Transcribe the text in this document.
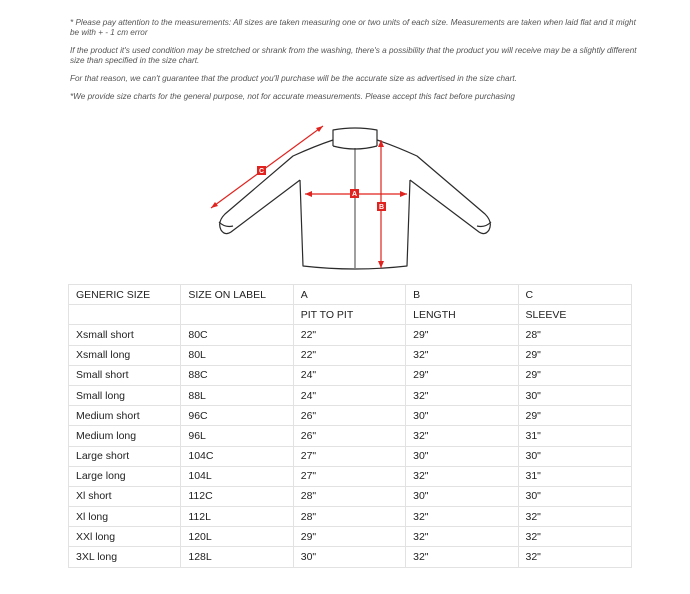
* Please pay attention to the measurements: All sizes are taken measuring one or two units of each size. Measurements are taken when laid flat and it might be with + - 1 cm error

If the product it's used condition may be stretched or shrank from the washing, there's a possibility that the product you will receive may be a slightly different size than specified in the size chart.

For that reason, we can't guarantee that the product you'll purchase will be the accurate size as advertised in the size chart.

*We provide size charts for the general purpose, not for accurate measurements. Please accept this fact before purchasing

C
A
B
GENERIC SIZE	SIZE ON LABEL	A	B	C
		PIT TO PIT	LENGTH	SLEEVE
Xsmall short	80C	22"	29"	28"
Xsmall long	80L	22"	32"	29"
Small short	88C	24"	29"	29"
Small long	88L	24"	32"	30"
Medium short	96C	26"	30"	29"
Medium long	96L	26"	32"	31"
Large short	104C	27"	30"	30"
Large long	104L	27"	32"	31"
Xl short	112C	28"	30"	30"
Xl long	112L	28"	32"	32"
XXl long	120L	29"	32"	32"
3XL long	128L	30"	32"	32"
